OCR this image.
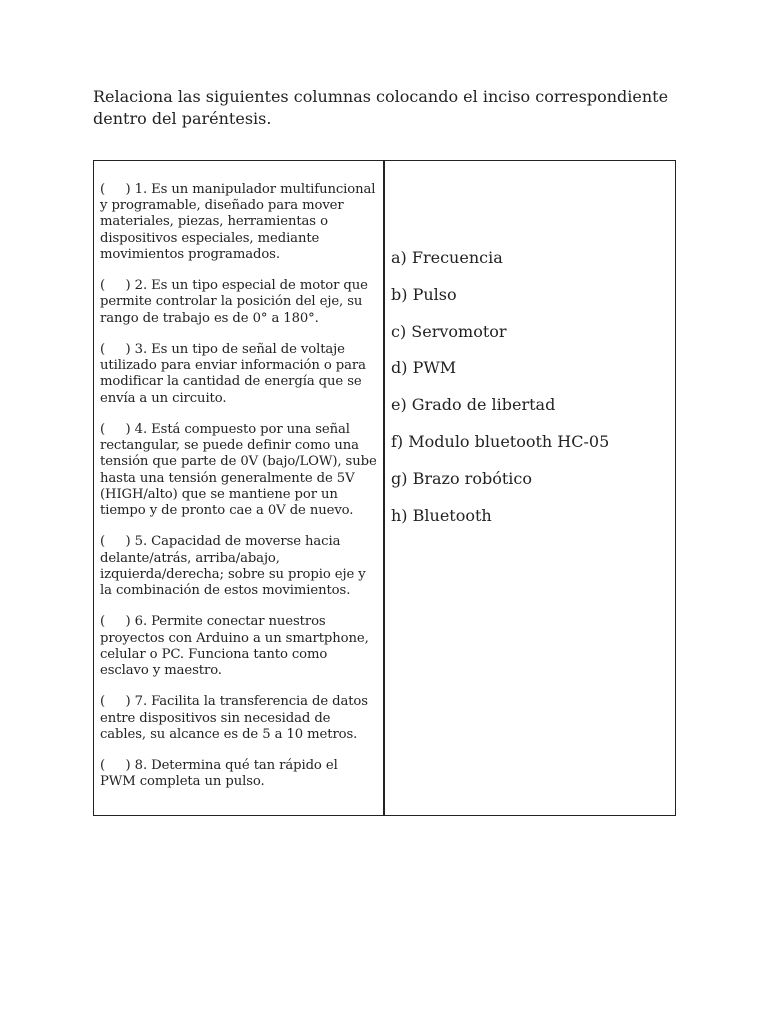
Relaciona las siguientes columnas colocando el inciso correspondiente dentro del paréntesis.

(     ) 1. Es un manipulador multifuncional y programable, diseñado para mover materiales, piezas, herramientas o dispositivos especiales, mediante movimientos programados.

(     ) 2. Es un tipo especial de motor que permite controlar la posición del eje, su rango de trabajo es de 0° a 180°.

(     ) 3. Es un tipo de señal de voltaje utilizado para enviar información o para modificar la cantidad de energía que se envía a un circuito.

(     ) 4. Está compuesto por una señal rectangular, se puede definir como una tensión que parte de 0V (bajo/LOW), sube hasta una tensión generalmente de 5V (HIGH/alto) que se mantiene por un tiempo y de pronto cae a 0V de nuevo.

(     ) 5. Capacidad de moverse hacia delante/atrás, arriba/abajo, izquierda/derecha; sobre su propio eje y la combinación de estos movimientos.

(     ) 6. Permite conectar nuestros proyectos con Arduino a un smartphone, celular o PC. Funciona tanto como esclavo y maestro.

(     ) 7. Facilita la transferencia de datos entre dispositivos sin necesidad de cables, su alcance es de 5 a 10 metros.

(     ) 8. Determina qué tan rápido el PWM completa un pulso.

a) Frecuencia

b) Pulso

c) Servomotor

d) PWM

e) Grado de libertad

f) Modulo bluetooth HC-05

g) Brazo robótico

h) Bluetooth
